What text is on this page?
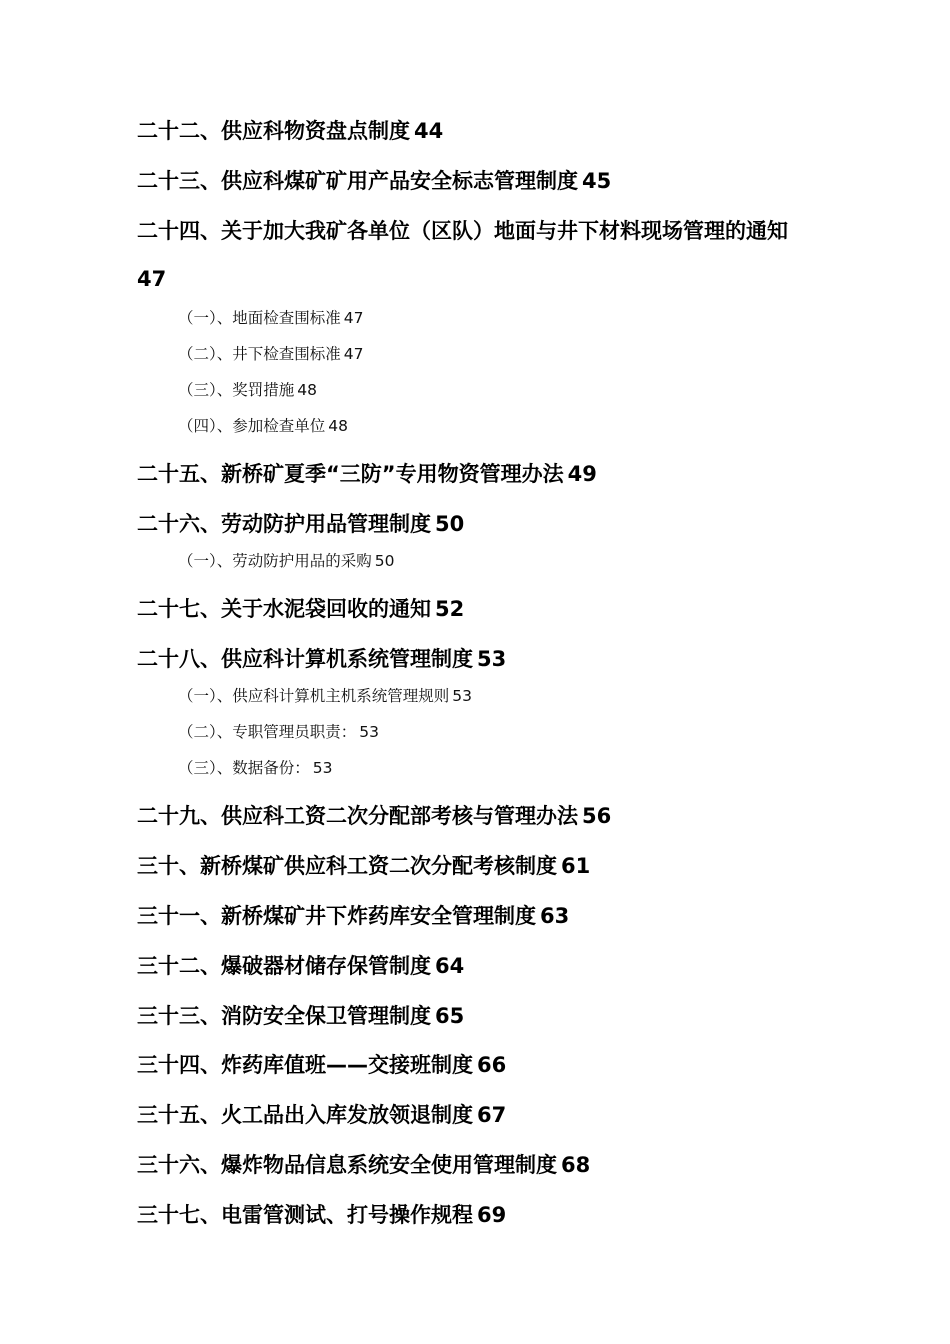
二十二、供应科物资盘点制度 44
二十三、供应科煤矿矿用产品安全标志管理制度 45
二十四、关于加大我矿各单位（区队）地面与井下材料现场管理的通知
47
（一）、地面检查围标准 47
（二）、井下检查围标准 47
（三）、奖罚措施 48
（四）、参加检查单位 48
二十五、新桥矿夏季“三防”专用物资管理办法 49
二十六、劳动防护用品管理制度 50
（一）、劳动防护用品的采购 50
二十七、关于水泥袋回收的通知 52
二十八、供应科计算机系统管理制度 53
（一）、供应科计算机主机系统管理规则 53
（二）、专职管理员职责： 53
（三）、数据备份： 53
二十九、供应科工资二次分配部考核与管理办法 56
三十、新桥煤矿供应科工资二次分配考核制度 61
三十一、新桥煤矿井下炸药库安全管理制度 63
三十二、爆破器材储存保管制度 64
三十三、消防安全保卫管理制度 65
三十四、炸药库值班——交接班制度 66
三十五、火工品出入库发放领退制度 67
三十六、爆炸物品信息系统安全使用管理制度 68
三十七、电雷管测试、打号操作规程 69
